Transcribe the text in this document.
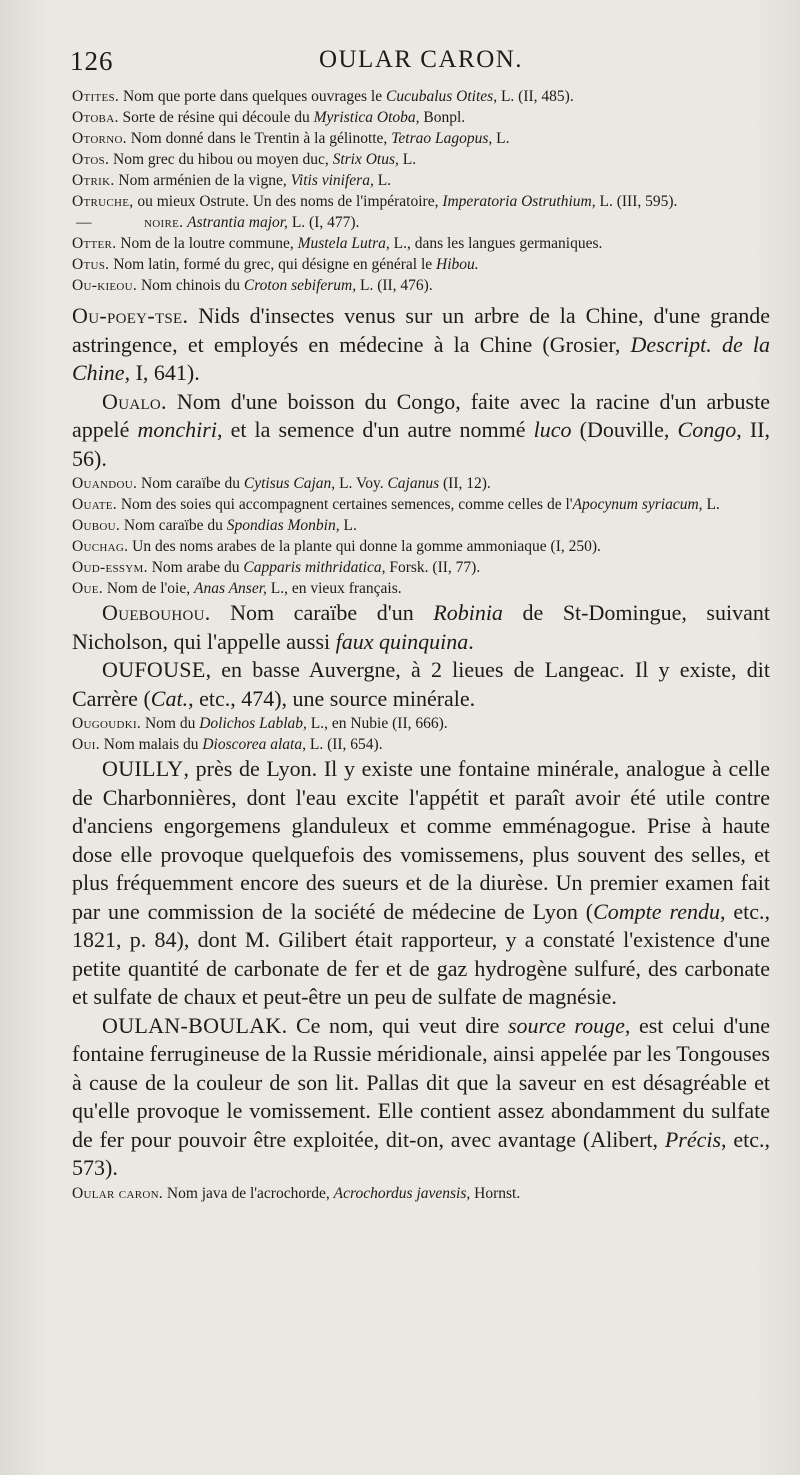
126	OULAR CARON.

Otites. Nom que porte dans quelques ouvrages le Cucubalus Otites, L. (II, 485).

Otoba. Sorte de résine qui découle du Myristica Otoba, Bonpl.

Otorno. Nom donné dans le Trentin à la gélinotte, Tetrao Lagopus, L.

Otos. Nom grec du hibou ou moyen duc, Strix Otus, L.

Otrik. Nom arménien de la vigne, Vitis vinifera, L.

Otruche, ou mieux Ostrute. Un des noms de l'impératoire, Imperatoria Ostruthium, L. (III, 595).

—	noire. Astrantia major, L. (I, 477).

Otter. Nom de la loutre commune, Mustela Lutra, L., dans les langues germaniques.

Otus. Nom latin, formé du grec, qui désigne en général le Hibou.

Ou-kieou. Nom chinois du Croton sebiferum, L. (II, 476).

Ou-poey-tse. Nids d'insectes venus sur un arbre de la Chine, d'une grande astringence, et employés en médecine à la Chine (Grosier, Descript. de la Chine, I, 641).

Oualo. Nom d'une boisson du Congo, faite avec la racine d'un arbuste appelé monchiri, et la semence d'un autre nommé luco (Douville, Congo, II, 56).

Ouandou. Nom caraïbe du Cytisus Cajan, L. Voy. Cajanus (II, 12).

Ouate. Nom des soies qui accompagnent certaines semences, comme celles de l'Apocynum syriacum, L.

Oubou. Nom caraïbe du Spondias Monbin, L.

Ouchag. Un des noms arabes de la plante qui donne la gomme ammoniaque (I, 250).

Oud-essym. Nom arabe du Capparis mithridatica, Forsk. (II, 77).

Oue. Nom de l'oie, Anas Anser, L., en vieux français.

Ouebouhou. Nom caraïbe d'un Robinia de St-Domingue, suivant Nicholson, qui l'appelle aussi faux quinquina.

OUFOUSE, en basse Auvergne, à 2 lieues de Langeac. Il y existe, dit Carrère (Cat., etc., 474), une source minérale.

Ougoudki. Nom du Dolichos Lablab, L., en Nubie (II, 666).

Oui. Nom malais du Dioscorea alata, L. (II, 654).

OUILLY, près de Lyon. Il y existe une fontaine minérale, analogue à celle de Charbonnières, dont l'eau excite l'appétit et paraît avoir été utile contre d'anciens engorgemens glanduleux et comme emménagogue. Prise à haute dose elle provoque quelquefois des vomissemens, plus souvent des selles, et plus fréquemment encore des sueurs et de la diurèse. Un premier examen fait par une commission de la société de médecine de Lyon (Compte rendu, etc., 1821, p. 84), dont M. Gilibert était rapporteur, y a constaté l'existence d'une petite quantité de carbonate de fer et de gaz hydrogène sulfuré, des carbonate et sulfate de chaux et peut-être un peu de sulfate de magnésie.

OULAN-BOULAK. Ce nom, qui veut dire source rouge, est celui d'une fontaine ferrugineuse de la Russie méridionale, ainsi appelée par les Tongouses à cause de la couleur de son lit. Pallas dit que la saveur en est désagréable et qu'elle provoque le vomissement. Elle contient assez abondamment du sulfate de fer pour pouvoir être exploitée, dit-on, avec avantage (Alibert, Précis, etc., 573).

Oular caron. Nom java de l'acrochorde, Acrochordus javensis, Hornst.
